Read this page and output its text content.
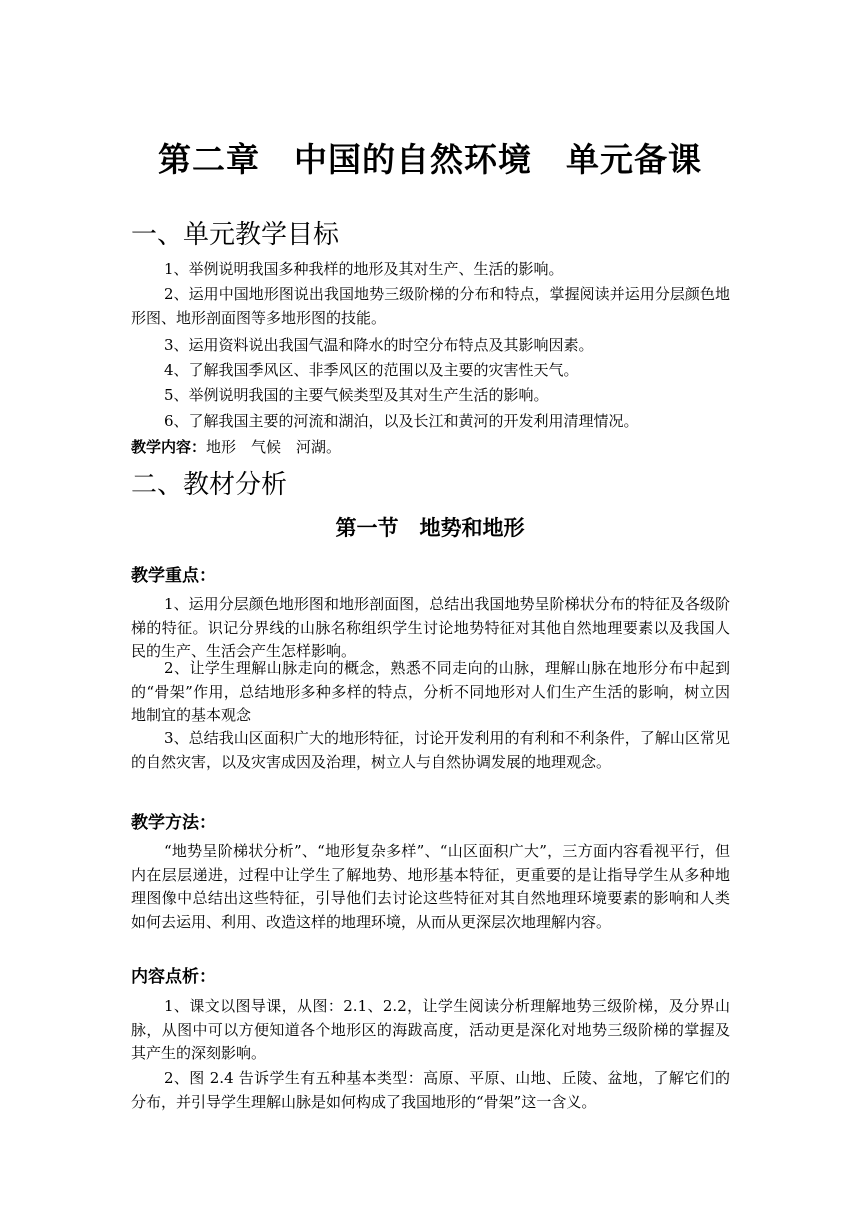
第二章　中国的自然环境　单元备课
一、单元教学目标
1、举例说明我国多种我样的地形及其对生产、生活的影响。
2、运用中国地形图说出我国地势三级阶梯的分布和特点，掌握阅读并运用分层颜色地形图、地形剖面图等多地形图的技能。
3、运用资料说出我国气温和降水的时空分布特点及其影响因素。
4、了解我国季风区、非季风区的范围以及主要的灾害性天气。
5、举例说明我国的主要气候类型及其对生产生活的影响。
6、了解我国主要的河流和湖泊，以及长江和黄河的开发利用清理情况。
教学内容：地形　气候　河湖。
二、教材分析
第一节　地势和地形
教学重点：
1、运用分层颜色地形图和地形剖面图，总结出我国地势呈阶梯状分布的特征及各级阶梯的特征。识记分界线的山脉名称组织学生讨论地势特征对其他自然地理要素以及我国人民的生产、生活会产生怎样影响。
2、让学生理解山脉走向的概念，熟悉不同走向的山脉，理解山脉在地形分布中起到的“骨架”作用，总结地形多种多样的特点，分析不同地形对人们生产生活的影响，树立因地制宜的基本观念
3、总结我山区面积广大的地形特征，讨论开发利用的有利和不利条件，了解山区常见的自然灾害，以及灾害成因及治理，树立人与自然协调发展的地理观念。
教学方法：
“地势呈阶梯状分析”、“地形复杂多样”、“山区面积广大”，三方面内容看视平行，但内在层层递进，过程中让学生了解地势、地形基本特征，更重要的是让指导学生从多种地理图像中总结出这些特征，引导他们去讨论这些特征对其自然地理环境要素的影响和人类如何去运用、利用、改造这样的地理环境，从而从更深层次地理解内容。
内容点析：
1、课文以图导课，从图：2.1、2.2，让学生阅读分析理解地势三级阶梯，及分界山脉，从图中可以方便知道各个地形区的海跋高度，活动更是深化对地势三级阶梯的掌握及其产生的深刻影响。
2、图 2.4 告诉学生有五种基本类型：高原、平原、山地、丘陵、盆地，了解它们的分布，并引导学生理解山脉是如何构成了我国地形的“骨架”这一含义。
